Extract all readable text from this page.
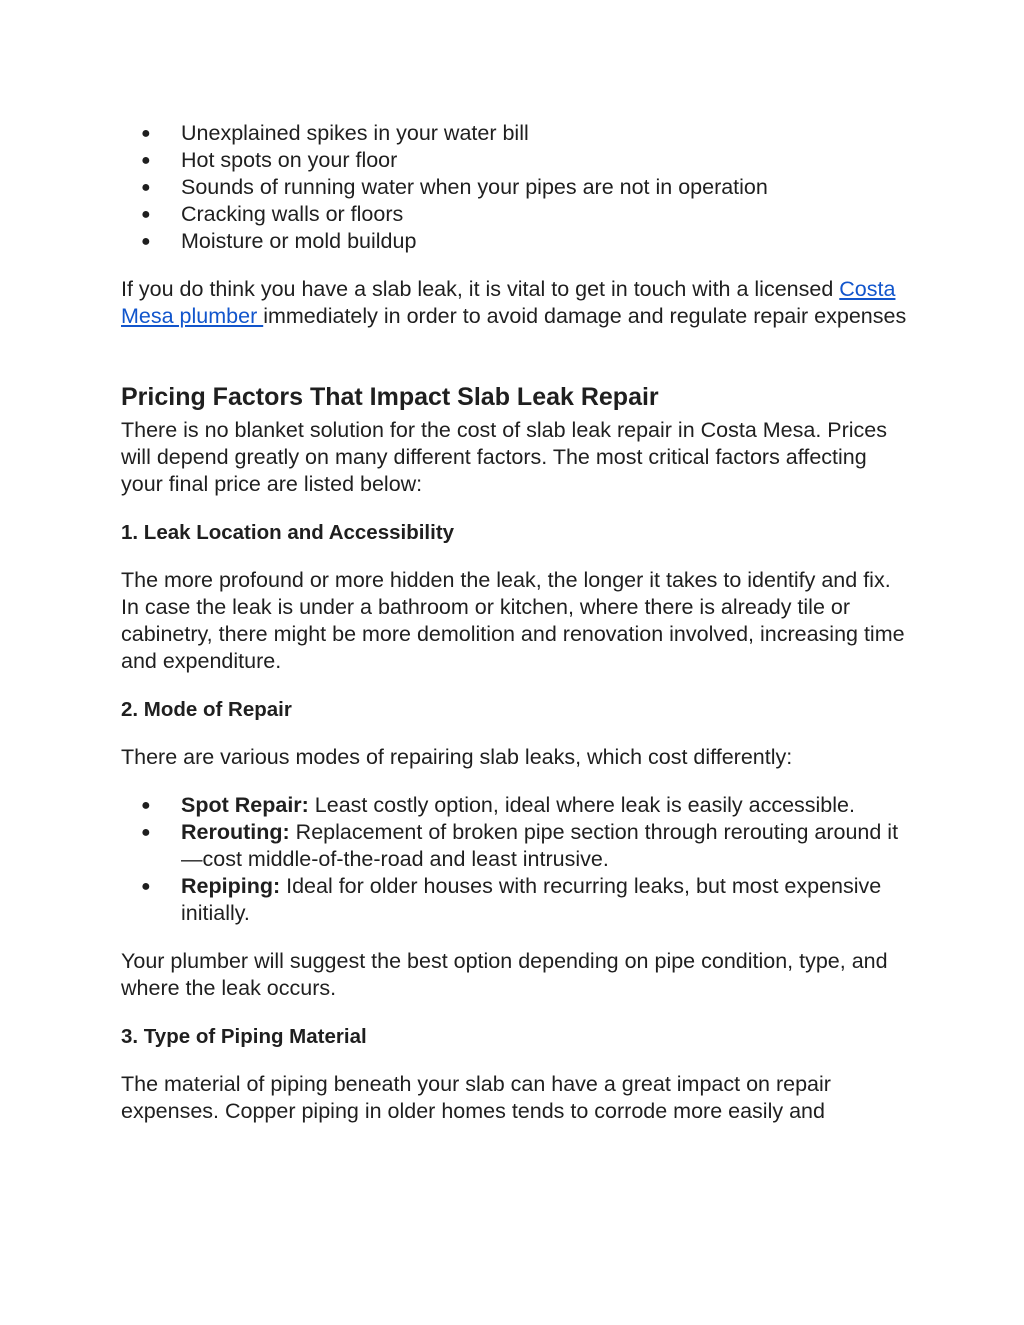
● Unexplained spikes in your water bill
● Hot spots on your floor
● Sounds of running water when your pipes are not in operation
● Cracking walls or floors
● Moisture or mold buildup

If you do think you have a slab leak, it is vital to get in touch with a licensed Costa Mesa plumber immediately in order to avoid damage and regulate repair expenses

Pricing Factors That Impact Slab Leak Repair

There is no blanket solution for the cost of slab leak repair in Costa Mesa. Prices will depend greatly on many different factors. The most critical factors affecting your final price are listed below:

1. Leak Location and Accessibility

The more profound or more hidden the leak, the longer it takes to identify and fix. In case the leak is under a bathroom or kitchen, where there is already tile or cabinetry, there might be more demolition and renovation involved, increasing time and expenditure.

2. Mode of Repair

There are various modes of repairing slab leaks, which cost differently:

● Spot Repair: Least costly option, ideal where leak is easily accessible.
● Rerouting: Replacement of broken pipe section through rerouting around it—cost middle-of-the-road and least intrusive.
● Repiping: Ideal for older houses with recurring leaks, but most expensive initially.

Your plumber will suggest the best option depending on pipe condition, type, and where the leak occurs.

3. Type of Piping Material

The material of piping beneath your slab can have a great impact on repair expenses. Copper piping in older homes tends to corrode more easily and
